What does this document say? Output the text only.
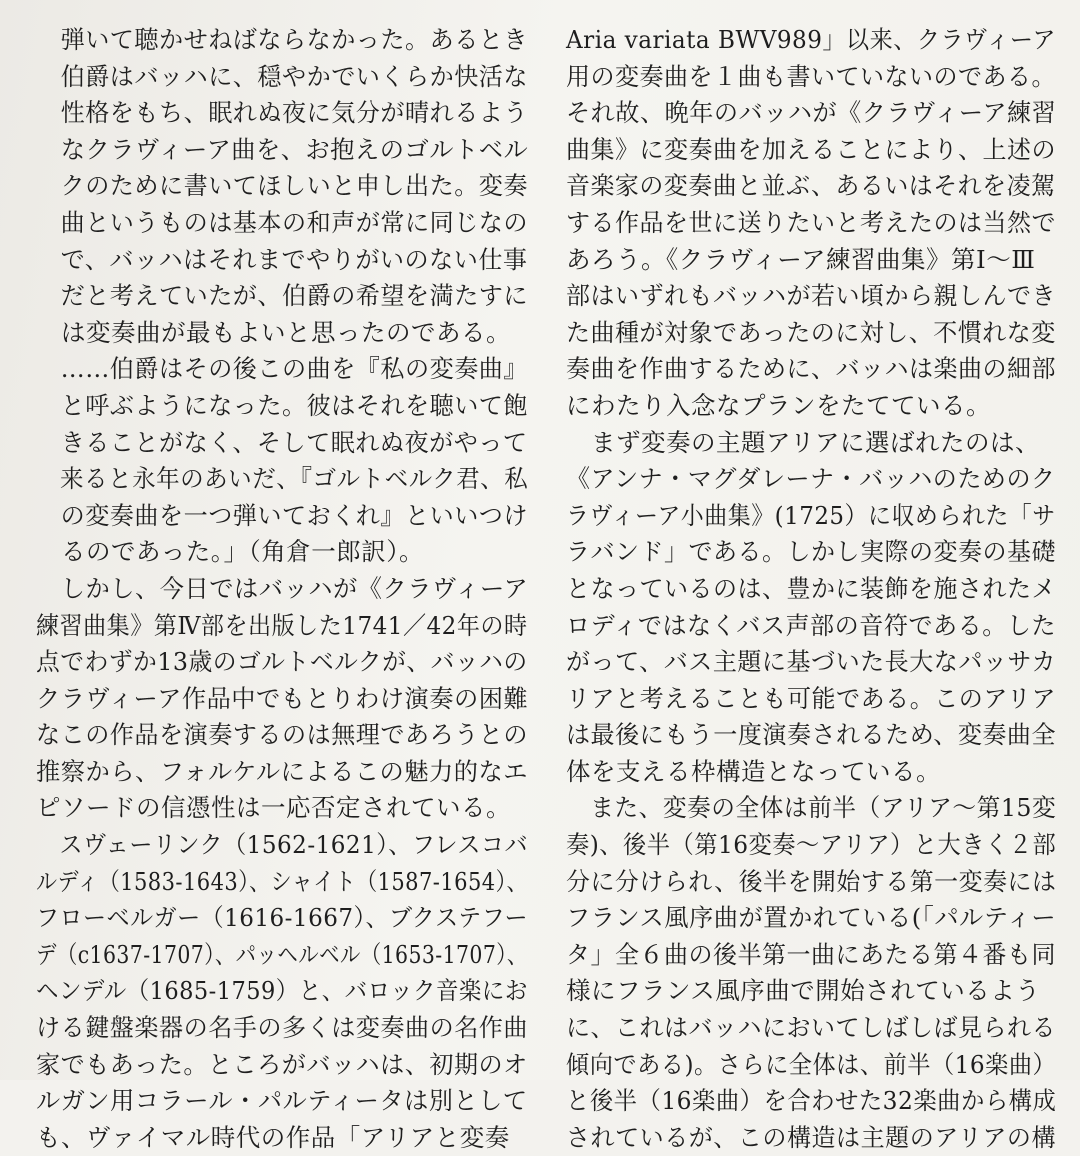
　弾いて聴かせねばならなかった。あるとき
　伯爵はバッハに、穏やかでいくらか快活な
　性格をもち、眠れぬ夜に気分が晴れるよう
　なクラヴィーア曲を、お抱えのゴルトベル
　クのために書いてほしいと申し出た。変奏
　曲というものは基本の和声が常に同じなの
　で、バッハはそれまでやりがいのない仕事
　だと考えていたが、伯爵の希望を満たすに
　は変奏曲が最もよいと思ったのである。
　……伯爵はその後この曲を『私の変奏曲』
　と呼ぶようになった。彼はそれを聴いて飽
　きることがなく、そして眠れぬ夜がやって
　来ると永年のあいだ、『ゴルトベルク君、私
　の変奏曲を一つ弾いておくれ』といいつけ
　るのであった。」（角倉一郎訳）。
　しかし、今日ではバッハが《クラヴィーア
練習曲集》第Ⅳ部を出版した1741／42年の時
点でわずか13歳のゴルトベルクが、バッハの
クラヴィーア作品中でもとりわけ演奏の困難
なこの作品を演奏するのは無理であろうとの
推察から、フォルケルによるこの魅力的なエ
ピソードの信憑性は一応否定されている。
　スヴェーリンク（1562-1621）、フレスコバ
ルディ（1583-1643）、シャイト（1587-1654）、
フローベルガー（1616-1667）、ブクステフー
デ（c1637-1707）、パッヘルベル（1653-1707）、
ヘンデル（1685-1759）と、バロック音楽にお
ける鍵盤楽器の名手の多くは変奏曲の名作曲
家でもあった。ところがバッハは、初期のオ
ルガン用コラール・パルティータは別として
も、ヴァイマル時代の作品「アリアと変奏
Aria variata BWV989」以来、クラヴィーア
用の変奏曲を１曲も書いていないのである。
それ故、晩年のバッハが《クラヴィーア練習
曲集》に変奏曲を加えることにより、上述の
音楽家の変奏曲と並ぶ、あるいはそれを凌駕
する作品を世に送りたいと考えたのは当然で
あろう。《クラヴィーア練習曲集》第Ⅰ～Ⅲ
部はいずれもバッハが若い頃から親しんでき
た曲種が対象であったのに対し、不慣れな変
奏曲を作曲するために、バッハは楽曲の細部
にわたり入念なプランをたてている。
　まず変奏の主題アリアに選ばれたのは、
《アンナ・マグダレーナ・バッハのためのク
ラヴィーア小曲集》(1725）に収められた「サ
ラバンド」である。しかし実際の変奏の基礎
となっているのは、豊かに装飾を施されたメ
ロディではなくバス声部の音符である。した
がって、バス主題に基づいた長大なパッサカ
リアと考えることも可能である。このアリア
は最後にもう一度演奏されるため、変奏曲全
体を支える枠構造となっている。
　また、変奏の全体は前半（アリア～第15変
奏)、後半（第16変奏～アリア）と大きく２部
分に分けられ、後半を開始する第一変奏には
フランス風序曲が置かれている(「パルティー
タ」全６曲の後半第一曲にあたる第４番も同
様にフランス風序曲で開始されているよう
に、これはバッハにおいてしばしば見られる
傾向である)。さらに全体は、前半（16楽曲）
と後半（16楽曲）を合わせた32楽曲から構成
されているが、この構造は主題のアリアの構
